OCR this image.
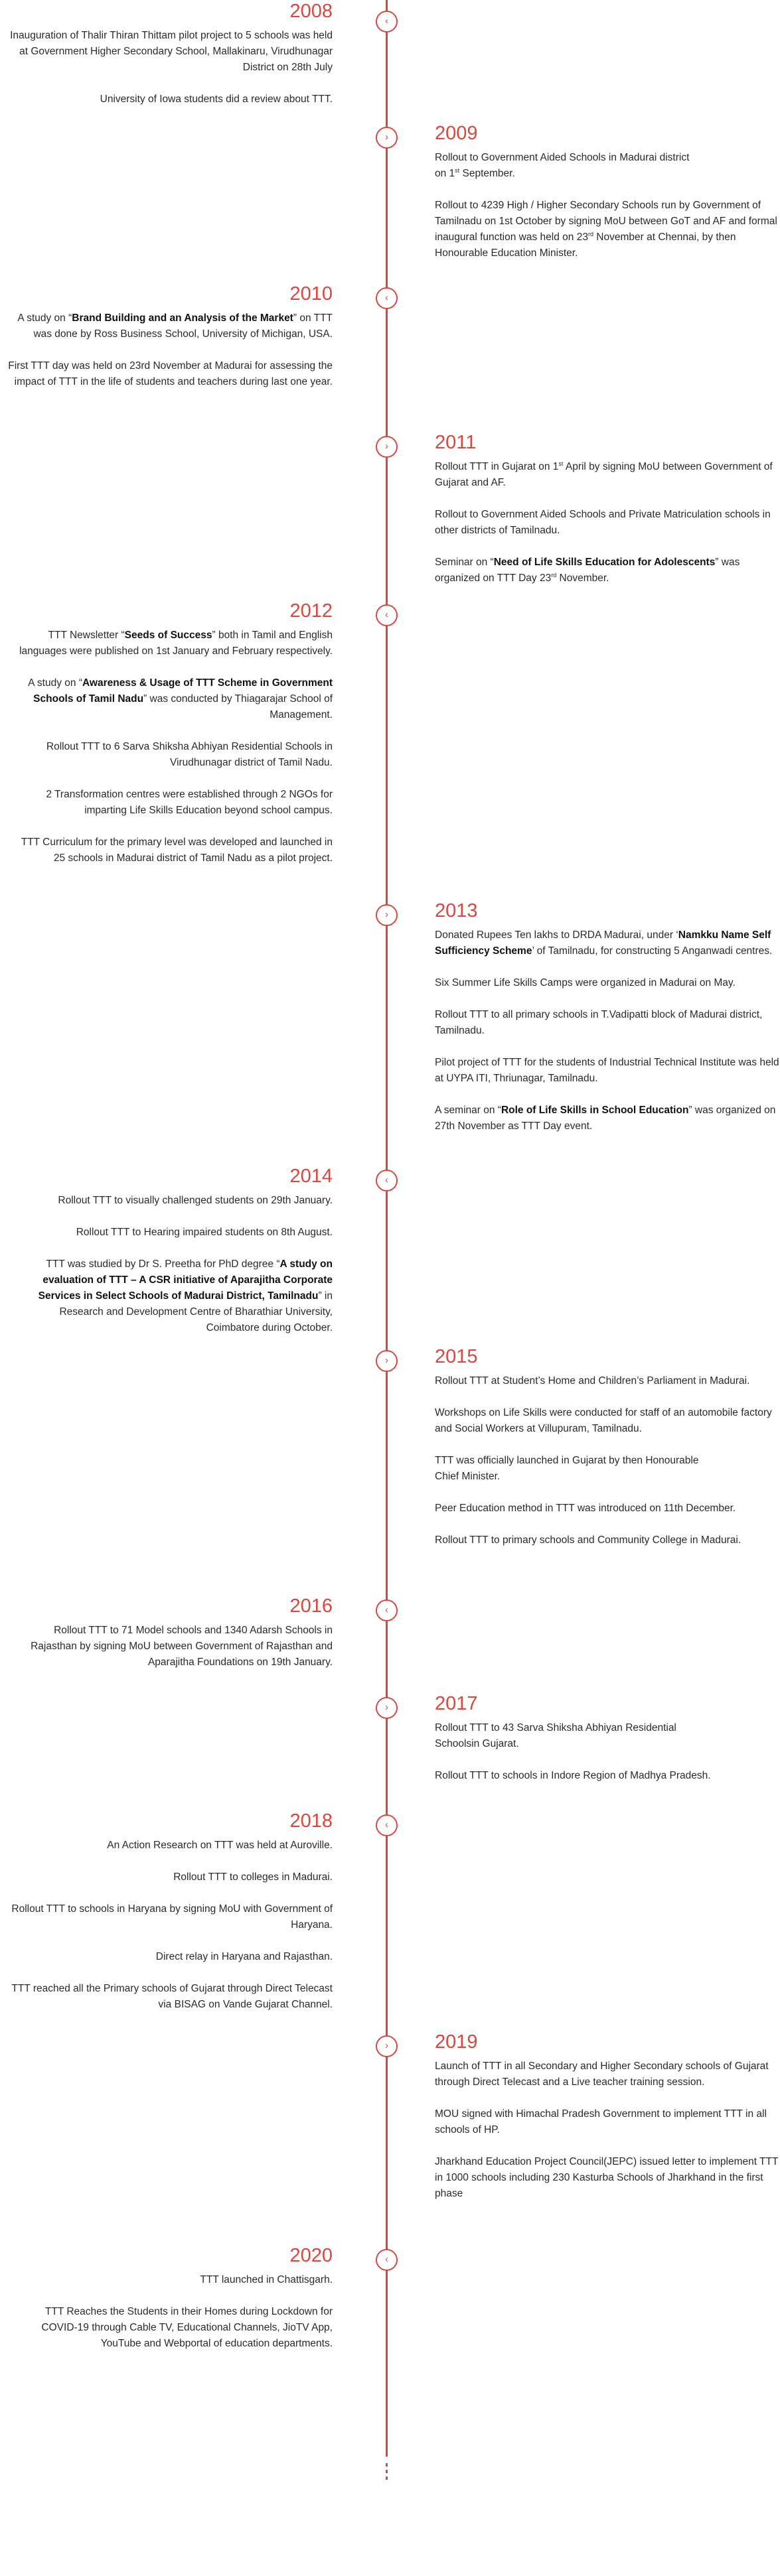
‹
2008

Inauguration of Thalir Thiran Thittam pilot project to 5 schools was held at Government Higher Secondary School, Mallakinaru, Virudhunagar District on 28th July

University of Iowa students did a review about TTT.

› 2009

Rollout to Government Aided Schools in Madurai district
on 1st September.

Rollout to 4239 High / Higher Secondary Schools run by Government of Tamilnadu on 1st October by signing MoU between GoT and AF and formal inaugural function was held on 23rd November at Chennai, by then Honourable Education Minister.

‹
2010

A study on “Brand Building and an Analysis of the Market” on TTT was done by Ross Business School, University of Michigan, USA.

First TTT day was held on 23rd November at Madurai for assessing the impact of TTT in the life of students and teachers during last one year.

› 2011

Rollout TTT in Gujarat on 1st April by signing MoU between Government of Gujarat and AF.

Rollout to Government Aided Schools and Private Matriculation schools in other districts of Tamilnadu.

Seminar on “Need of Life Skills Education for Adolescents” was organized on TTT Day 23rd November.

‹
2012

TTT Newsletter “Seeds of Success” both in Tamil and English languages were published on 1st January and February respectively.

A study on “Awareness & Usage of TTT Scheme in Government Schools of Tamil Nadu” was conducted by Thiagarajar School of Management.

Rollout TTT to 6 Sarva Shiksha Abhiyan Residential Schools in Virudhunagar district of Tamil Nadu.

2 Transformation centres were established through 2 NGOs for imparting Life Skills Education beyond school campus.

TTT Curriculum for the primary level was developed and launched in 25 schools in Madurai district of Tamil Nadu as a pilot project.

› 2013

Donated Rupees Ten lakhs to DRDA Madurai, under ‘Namkku Name Self Sufficiency Scheme’ of Tamilnadu, for constructing 5 Anganwadi centres.

Six Summer Life Skills Camps were organized in Madurai on May.

Rollout TTT to all primary schools in T.Vadipatti block of Madurai district, Tamilnadu.

Pilot project of TTT for the students of Industrial Technical Institute was held at UYPA ITI, Thriunagar, Tamilnadu.

A seminar on “Role of Life Skills in School Education” was organized on 27th November as TTT Day event.

‹
2014

Rollout TTT to visually challenged students on 29th January.

Rollout TTT to Hearing impaired students on 8th August.

TTT was studied by Dr S. Preetha for PhD degree “A study on evaluation of TTT – A CSR initiative of Aparajitha Corporate Services in Select Schools of Madurai District, Tamilnadu” in Research and Development Centre of Bharathiar University, Coimbatore during October.

› 2015

Rollout TTT at Student’s Home and Children’s Parliament in Madurai.

Workshops on Life Skills were conducted for staff of an automobile factory and Social Workers at Villupuram, Tamilnadu.

TTT was officially launched in Gujarat by then Honourable
Chief Minister.

Peer Education method in TTT was introduced on 11th December.

Rollout TTT to primary schools and Community College in Madurai.

‹
2016

Rollout TTT to 71 Model schools and 1340 Adarsh Schools in Rajasthan by signing MoU between Government of Rajasthan and Aparajitha Foundations on 19th January.

› 2017

Rollout TTT to 43 Sarva Shiksha Abhiyan Residential
Schoolsin Gujarat.

Rollout TTT to schools in Indore Region of Madhya Pradesh.

‹
2018

An Action Research on TTT was held at Auroville.

Rollout TTT to colleges in Madurai.

Rollout TTT to schools in Haryana by signing MoU with Government of Haryana.

Direct relay in Haryana and Rajasthan.

TTT reached all the Primary schools of Gujarat through Direct Telecast via BISAG on Vande Gujarat Channel.

› 2019

Launch of TTT in all Secondary and Higher Secondary schools of Gujarat through Direct Telecast and a Live teacher training session.

MOU signed with Himachal Pradesh Government to implement TTT in all schools of HP.

Jharkhand Education Project Council(JEPC) issued letter to implement TTT in 1000 schools including 230 Kasturba Schools of Jharkhand in the first phase

‹
2020

TTT launched in Chattisgarh.

TTT Reaches the Students in their Homes during Lockdown for COVID-19 through Cable TV, Educational Channels, JioTV App, YouTube and Webportal of education departments.
